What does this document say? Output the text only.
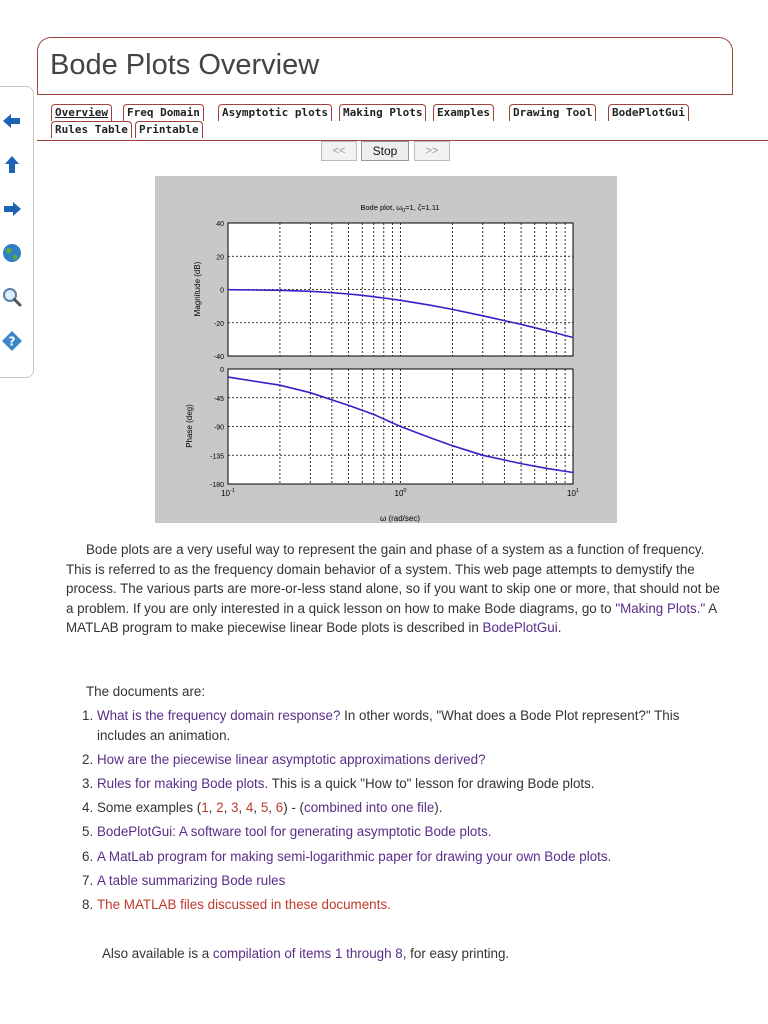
?
Bode Plots Overview
Overview	Freq Domain	Asymptotic plots	Making Plots	Examples	Drawing Tool	BodePlotGui
Rules Table	Printable
<<	Stop	>>
Bode plot, $\omega_0=1$, ζ=1.11
ω (rad/sec)
Magnitude (dB)
Phase (deg)
40
20
0
-20
-40
0
-45
-90
-135
-180
$10^{-1}$	$10^0$	$10^1$

Bode plots are a very useful way to represent the gain and phase of a system as a function of frequency. This is referred to as the frequency domain behavior of a system. This web page attempts to demystify the process. The various parts are more-or-less stand alone, so if you want to skip one or more, that should not be a problem. If you are only interested in a quick lesson on how to make Bode diagrams, go to "Making Plots." A MATLAB program to make piecewise linear Bode plots is described in BodePlotGui.

The documents are:

1. What is the frequency domain response? In other words, "What does a Bode Plot represent?" This includes an animation.
2. How are the piecewise linear asymptotic approximations derived?
3. Rules for making Bode plots. This is a quick "How to" lesson for drawing Bode plots.
4. Some examples (1, 2, 3, 4, 5, 6) - (combined into one file).
5. BodePlotGui: A software tool for generating asymptotic Bode plots.
6. A MatLab program for making semi-logarithmic paper for drawing your own Bode plots.
7. A table summarizing Bode rules
8. The MATLAB files discussed in these documents.

Also available is a compilation of items 1 through 8, for easy printing.
